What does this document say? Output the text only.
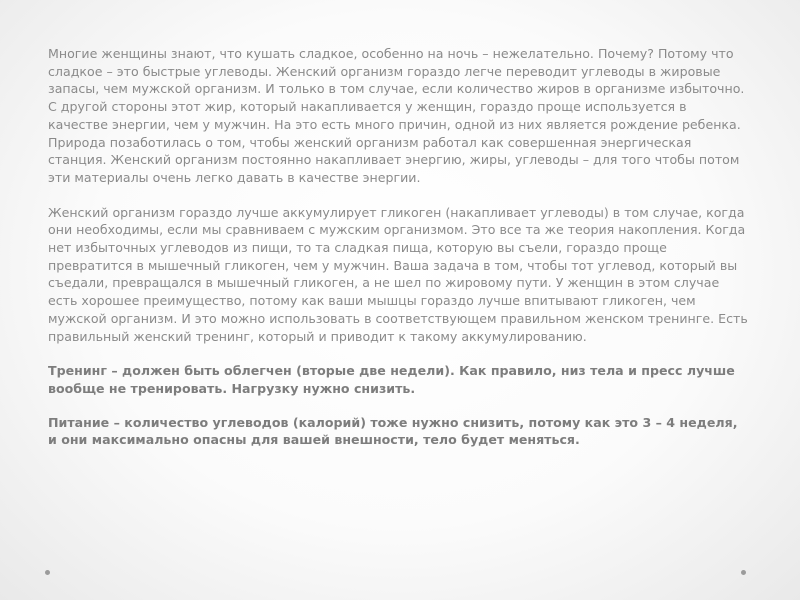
Многие женщины знают, что кушать сладкое, особенно на ночь – нежелательно. Почему? Потому что сладкое – это быстрые углеводы. Женский организм гораздо легче переводит углеводы в жировые запасы, чем мужской организм. И только в том случае, если количество жиров в организме избыточно. С другой стороны этот жир, который накапливается у женщин, гораздо проще используется в качестве энергии, чем у мужчин. На это есть много причин, одной из них является рождение ребенка. Природа позаботилась о том, чтобы женский организм работал как совершенная энергическая станция. Женский организм постоянно накапливает энергию, жиры, углеводы – для того чтобы потом эти материалы очень легко давать в качестве энергии.

Женский организм гораздо лучше аккумулирует гликоген (накапливает углеводы) в том случае, когда они необходимы, если мы сравниваем с мужским организмом. Это все та же теория накопления. Когда нет избыточных углеводов из пищи, то та сладкая пища, которую вы съели, гораздо проще превратится в мышечный гликоген, чем у мужчин. Ваша задача в том, чтобы тот углевод, который вы съедали, превращался в мышечный гликоген, а не шел по жировому пути. У женщин в этом случае есть хорошее преимущество, потому как ваши мышцы гораздо лучше впитывают гликоген, чем мужской организм. И это можно использовать в соответствующем правильном женском тренинге. Есть правильный женский тренинг, который и приводит к такому аккумулированию.

Тренинг – должен быть облегчен (вторые две недели). Как правило, низ тела и пресс лучше вообще не тренировать. Нагрузку нужно снизить.

Питание – количество углеводов (калорий) тоже нужно снизить, потому как это 3 – 4 неделя, и они максимально опасны для вашей внешности, тело будет меняться.
